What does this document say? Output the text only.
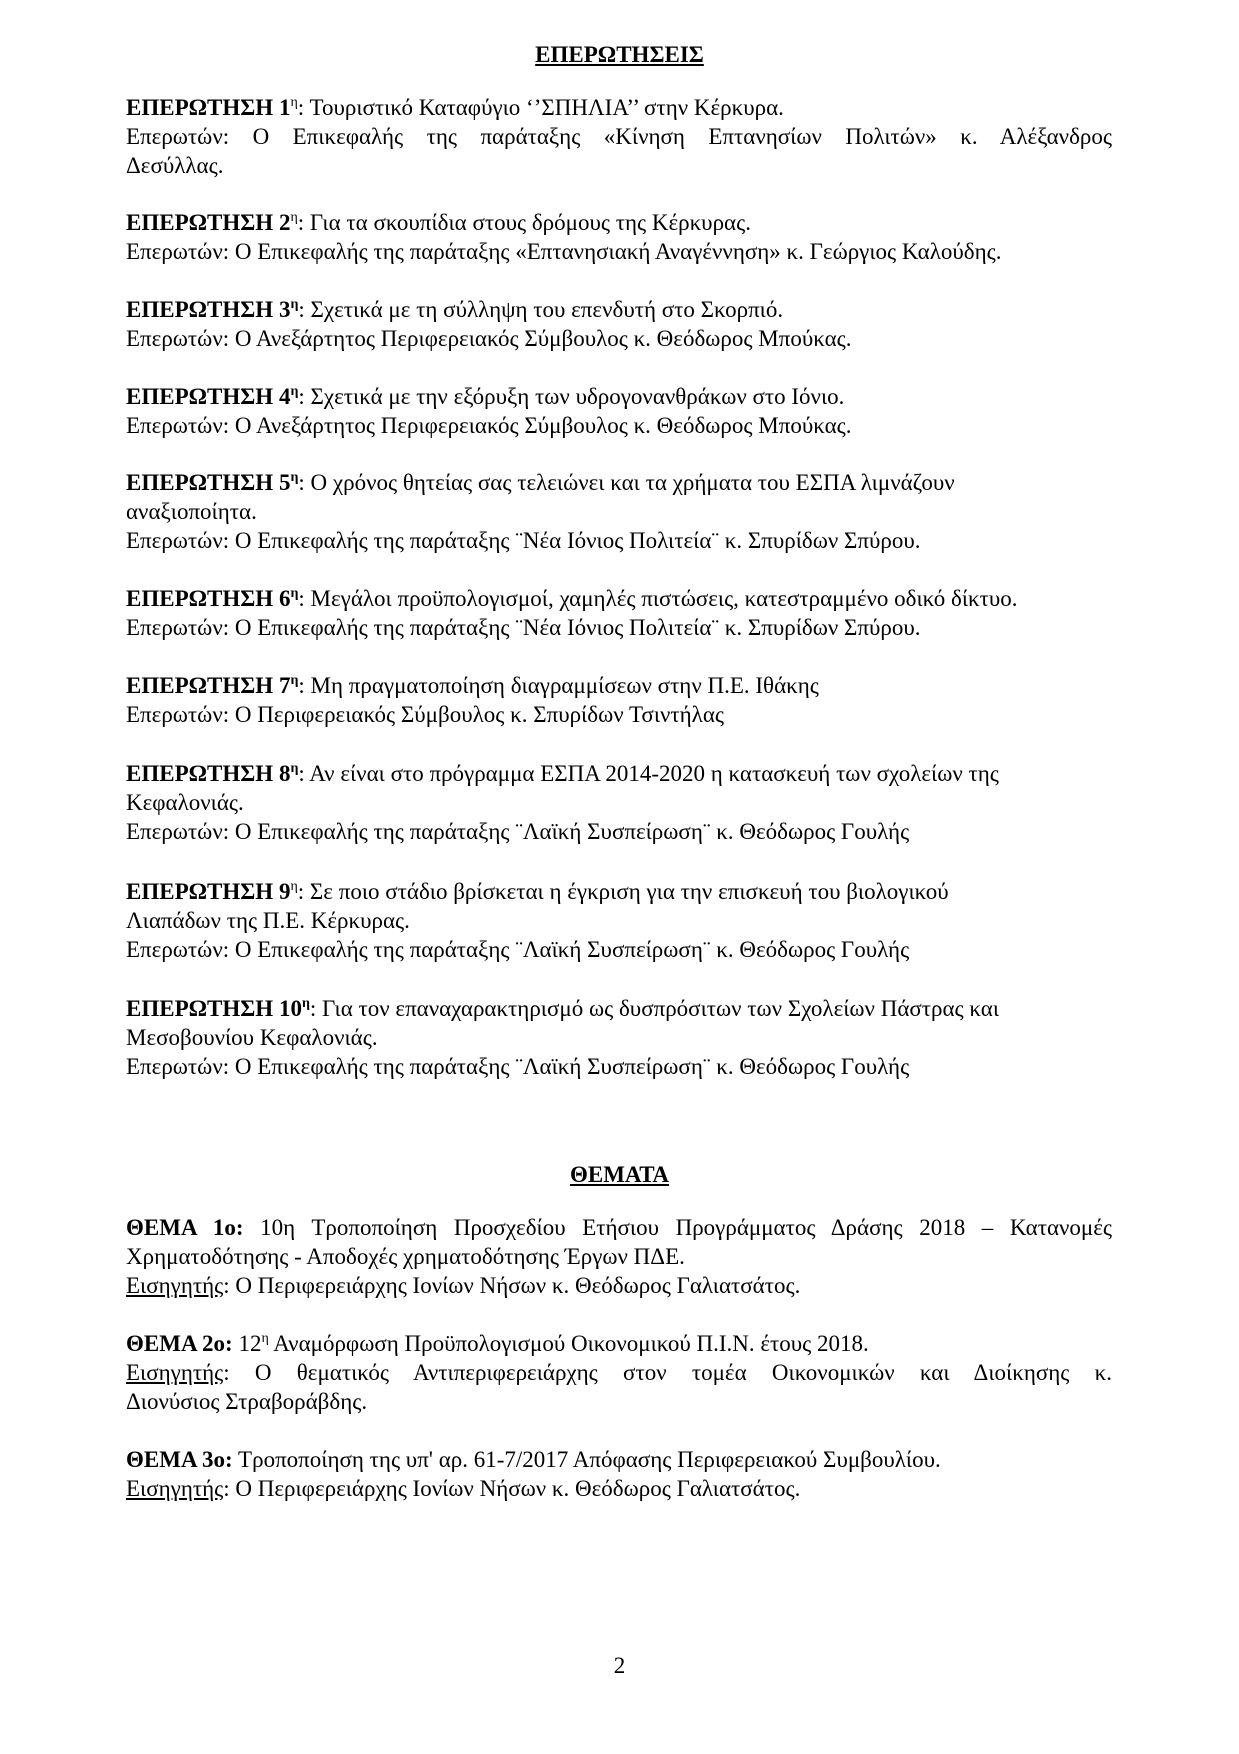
ΕΠΕΡΩΤΗΣΕΙΣ
ΕΠΕΡΩΤΗΣΗ $1^\eta$: Τουριστικό Καταφύγιο ‘’ΣΠΗΛΙΑ’’ στην Κέρκυρα.
Επερωτών: Ο Επικεφαλής της παράταξης «Κίνηση Επτανησίων Πολιτών» κ. Αλέξανδρος
Δεσύλλας.
ΕΠΕΡΩΤΗΣΗ $2^\eta$: Για τα σκουπίδια στους δρόμους της Κέρκυρας.
Επερωτών: Ο Επικεφαλής της παράταξης «Επτανησιακή Αναγέννηση» κ. Γεώργιος Καλούδης.
ΕΠΕΡΩΤΗΣΗ $3^\eta$: Σχετικά με τη σύλληψη του επενδυτή στο Σκορπιό.
Επερωτών: Ο Ανεξάρτητος Περιφερειακός Σύμβουλος κ. Θεόδωρος Μπούκας.
ΕΠΕΡΩΤΗΣΗ $4^\eta$: Σχετικά με την εξόρυξη των υδρογονανθράκων στο Ιόνιο.
Επερωτών: Ο Ανεξάρτητος Περιφερειακός Σύμβουλος κ. Θεόδωρος Μπούκας.
ΕΠΕΡΩΤΗΣΗ $5^\eta$: Ο χρόνος θητείας σας τελειώνει και τα χρήματα του ΕΣΠΑ λιμνάζουν
αναξιοποίητα.
Επερωτών: Ο Επικεφαλής της παράταξης ¨Νέα Ιόνιος Πολιτεία¨ κ. Σπυρίδων Σπύρου.
ΕΠΕΡΩΤΗΣΗ $6^\eta$: Μεγάλοι προϋπολογισμοί, χαμηλές πιστώσεις, κατεστραμμένο οδικό δίκτυο.
Επερωτών: Ο Επικεφαλής της παράταξης ¨Νέα Ιόνιος Πολιτεία¨ κ. Σπυρίδων Σπύρου.
ΕΠΕΡΩΤΗΣΗ $7^\eta$: Μη πραγματοποίηση διαγραμμίσεων στην Π.Ε. Ιθάκης
Επερωτών: Ο Περιφερειακός Σύμβουλος κ. Σπυρίδων Τσιντήλας
ΕΠΕΡΩΤΗΣΗ $8^\eta$: Αν είναι στο πρόγραμμα ΕΣΠΑ 2014-2020 η κατασκευή των σχολείων της
Κεφαλονιάς.
Επερωτών: Ο Επικεφαλής της παράταξης ¨Λαϊκή Συσπείρωση¨ κ. Θεόδωρος Γουλής
ΕΠΕΡΩΤΗΣΗ $9^\eta$: Σε ποιο στάδιο βρίσκεται η έγκριση για την επισκευή του βιολογικού
Λιαπάδων της Π.Ε. Κέρκυρας.
Επερωτών: Ο Επικεφαλής της παράταξης ¨Λαϊκή Συσπείρωση¨ κ. Θεόδωρος Γουλής
ΕΠΕΡΩΤΗΣΗ $10^\eta$: Για τον επαναχαρακτηρισμό ως δυσπρόσιτων των Σχολείων Πάστρας και
Μεσοβουνίου Κεφαλονιάς.
Επερωτών: Ο Επικεφαλής της παράταξης ¨Λαϊκή Συσπείρωση¨ κ. Θεόδωρος Γουλής
ΘΕΜΑΤΑ
ΘΕΜΑ 1ο: 10η Τροποποίηση Προσχεδίου Ετήσιου Προγράμματος Δράσης 2018 – Κατανομές
Χρηματοδότησης - Αποδοχές χρηματοδότησης Έργων ΠΔΕ.
Εισηγητής: Ο Περιφερειάρχης Ιονίων Νήσων κ. Θεόδωρος Γαλιατσάτος.
ΘΕΜΑ 2ο: $12^\eta$ Αναμόρφωση Προϋπολογισμού Οικονομικού Π.Ι.Ν. έτους 2018.
Εισηγητής: Ο θεματικός Αντιπεριφερειάρχης στον τομέα Οικονομικών και Διοίκησης κ.
Διονύσιος Στραβοράβδης.
ΘΕΜΑ 3ο: Τροποποίηση της υπ' αρ. 61-7/2017 Απόφασης Περιφερειακού Συμβουλίου.
Εισηγητής: Ο Περιφερειάρχης Ιονίων Νήσων κ. Θεόδωρος Γαλιατσάτος.
2
